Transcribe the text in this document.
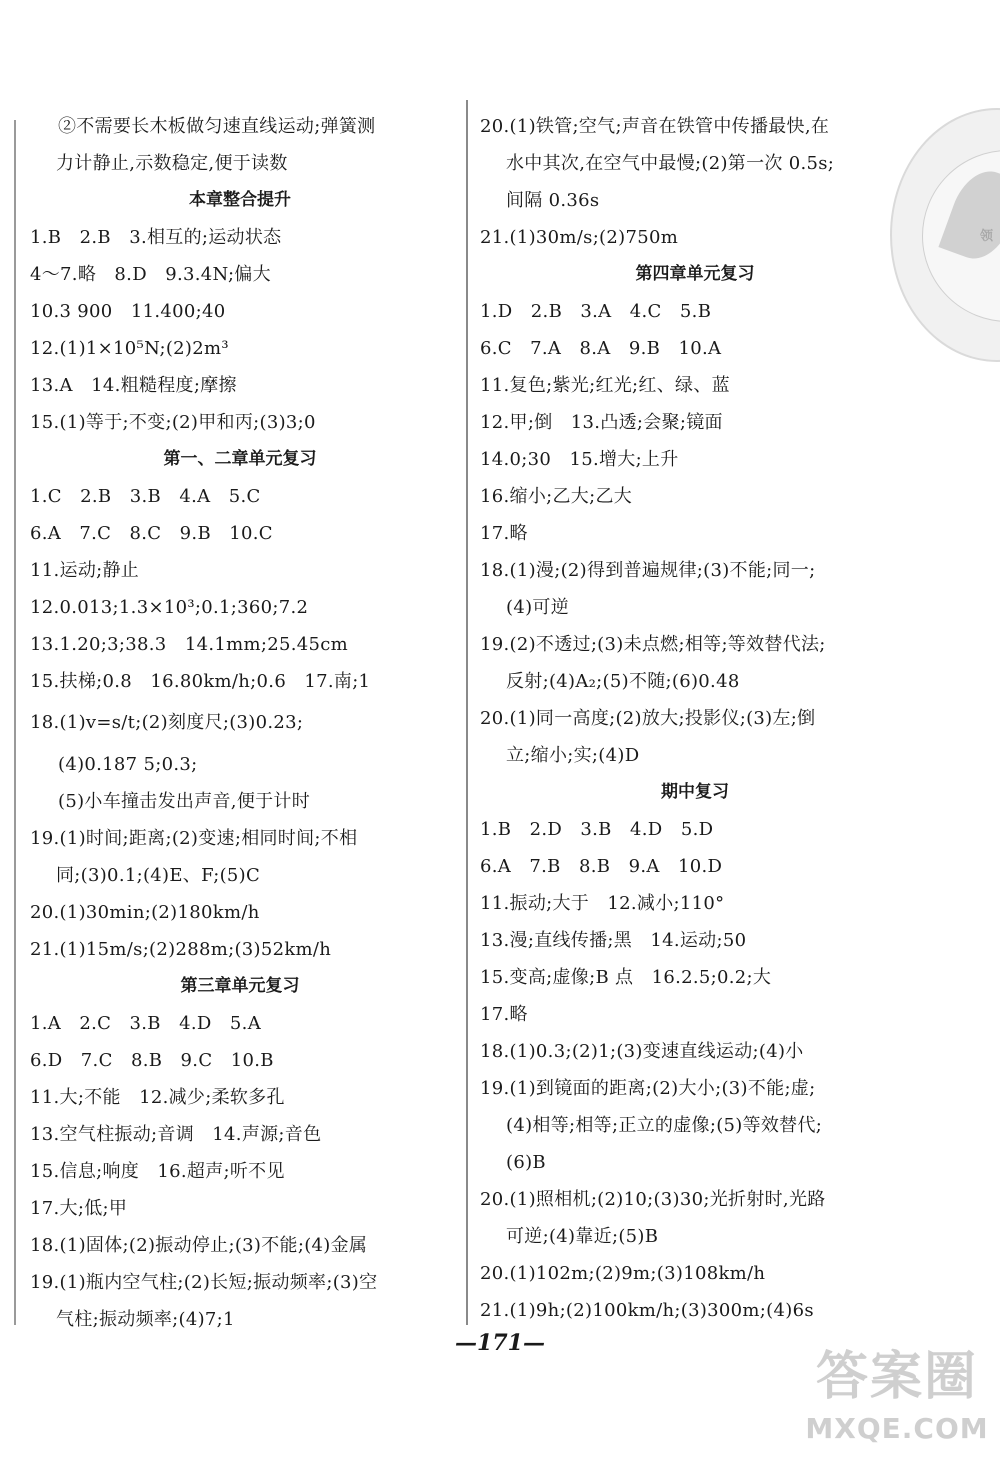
②不需要长木板做匀速直线运动;弹簧测
力计静止,示数稳定,便于读数
本章整合提升
1.B　2.B　3.相互的;运动状态
4～7.略　8.D　9.3.4N;偏大
10.3 900　11.400;40
12.(1)1×10⁵N;(2)2m³
13.A　14.粗糙程度;摩擦
15.(1)等于;不变;(2)甲和丙;(3)3;0
第一、二章单元复习
1.C　2.B　3.B　4.A　5.C
6.A　7.C　8.C　9.B　10.C
11.运动;静止
12.0.013;1.3×10³;0.1;360;7.2
13.1.20;3;38.3　14.1mm;25.45cm
15.扶梯;0.8　16.80km/h;0.6　17.南;1
18.(1)v=s/t;(2)刻度尺;(3)0.23;
(4)0.187 5;0.3;
(5)小车撞击发出声音,便于计时
19.(1)时间;距离;(2)变速;相同时间;不相
同;(3)0.1;(4)E、F;(5)C
20.(1)30min;(2)180km/h
21.(1)15m/s;(2)288m;(3)52km/h
第三章单元复习
1.A　2.C　3.B　4.D　5.A
6.D　7.C　8.B　9.C　10.B
11.大;不能　12.减少;柔软多孔
13.空气柱振动;音调　14.声源;音色
15.信息;响度　16.超声;听不见
17.大;低;甲
18.(1)固体;(2)振动停止;(3)不能;(4)金属
19.(1)瓶内空气柱;(2)长短;振动频率;(3)空
气柱;振动频率;(4)7;1
20.(1)铁管;空气;声音在铁管中传播最快,在
水中其次,在空气中最慢;(2)第一次 0.5s;
间隔 0.36s
21.(1)30m/s;(2)750m
第四章单元复习
1.D　2.B　3.A　4.C　5.B
6.C　7.A　8.A　9.B　10.A
11.复色;紫光;红光;红、绿、蓝
12.甲;倒　13.凸透;会聚;镜面
14.0;30　15.增大;上升
16.缩小;乙大;乙大
17.略
18.(1)漫;(2)得到普遍规律;(3)不能;同一;
(4)可逆
19.(2)不透过;(3)未点燃;相等;等效替代法;
反射;(4)A₂;(5)不随;(6)0.48
20.(1)同一高度;(2)放大;投影仪;(3)左;倒
立;缩小;实;(4)D
期中复习
1.B　2.D　3.B　4.D　5.D
6.A　7.B　8.B　9.A　10.D
11.振动;大于　12.减小;110°
13.漫;直线传播;黑　14.运动;50
15.变高;虚像;B 点　16.2.5;0.2;大
17.略
18.(1)0.3;(2)1;(3)变速直线运动;(4)小
19.(1)到镜面的距离;(2)大小;(3)不能;虚;
(4)相等;相等;正立的虚像;(5)等效替代;
(6)B
20.(1)照相机;(2)10;(3)30;光折射时,光路
可逆;(4)靠近;(5)B
20.(1)102m;(2)9m;(3)108km/h
21.(1)9h;(2)100km/h;(3)300m;(4)6s
领
—171—
答案圈
MXQE.COM
